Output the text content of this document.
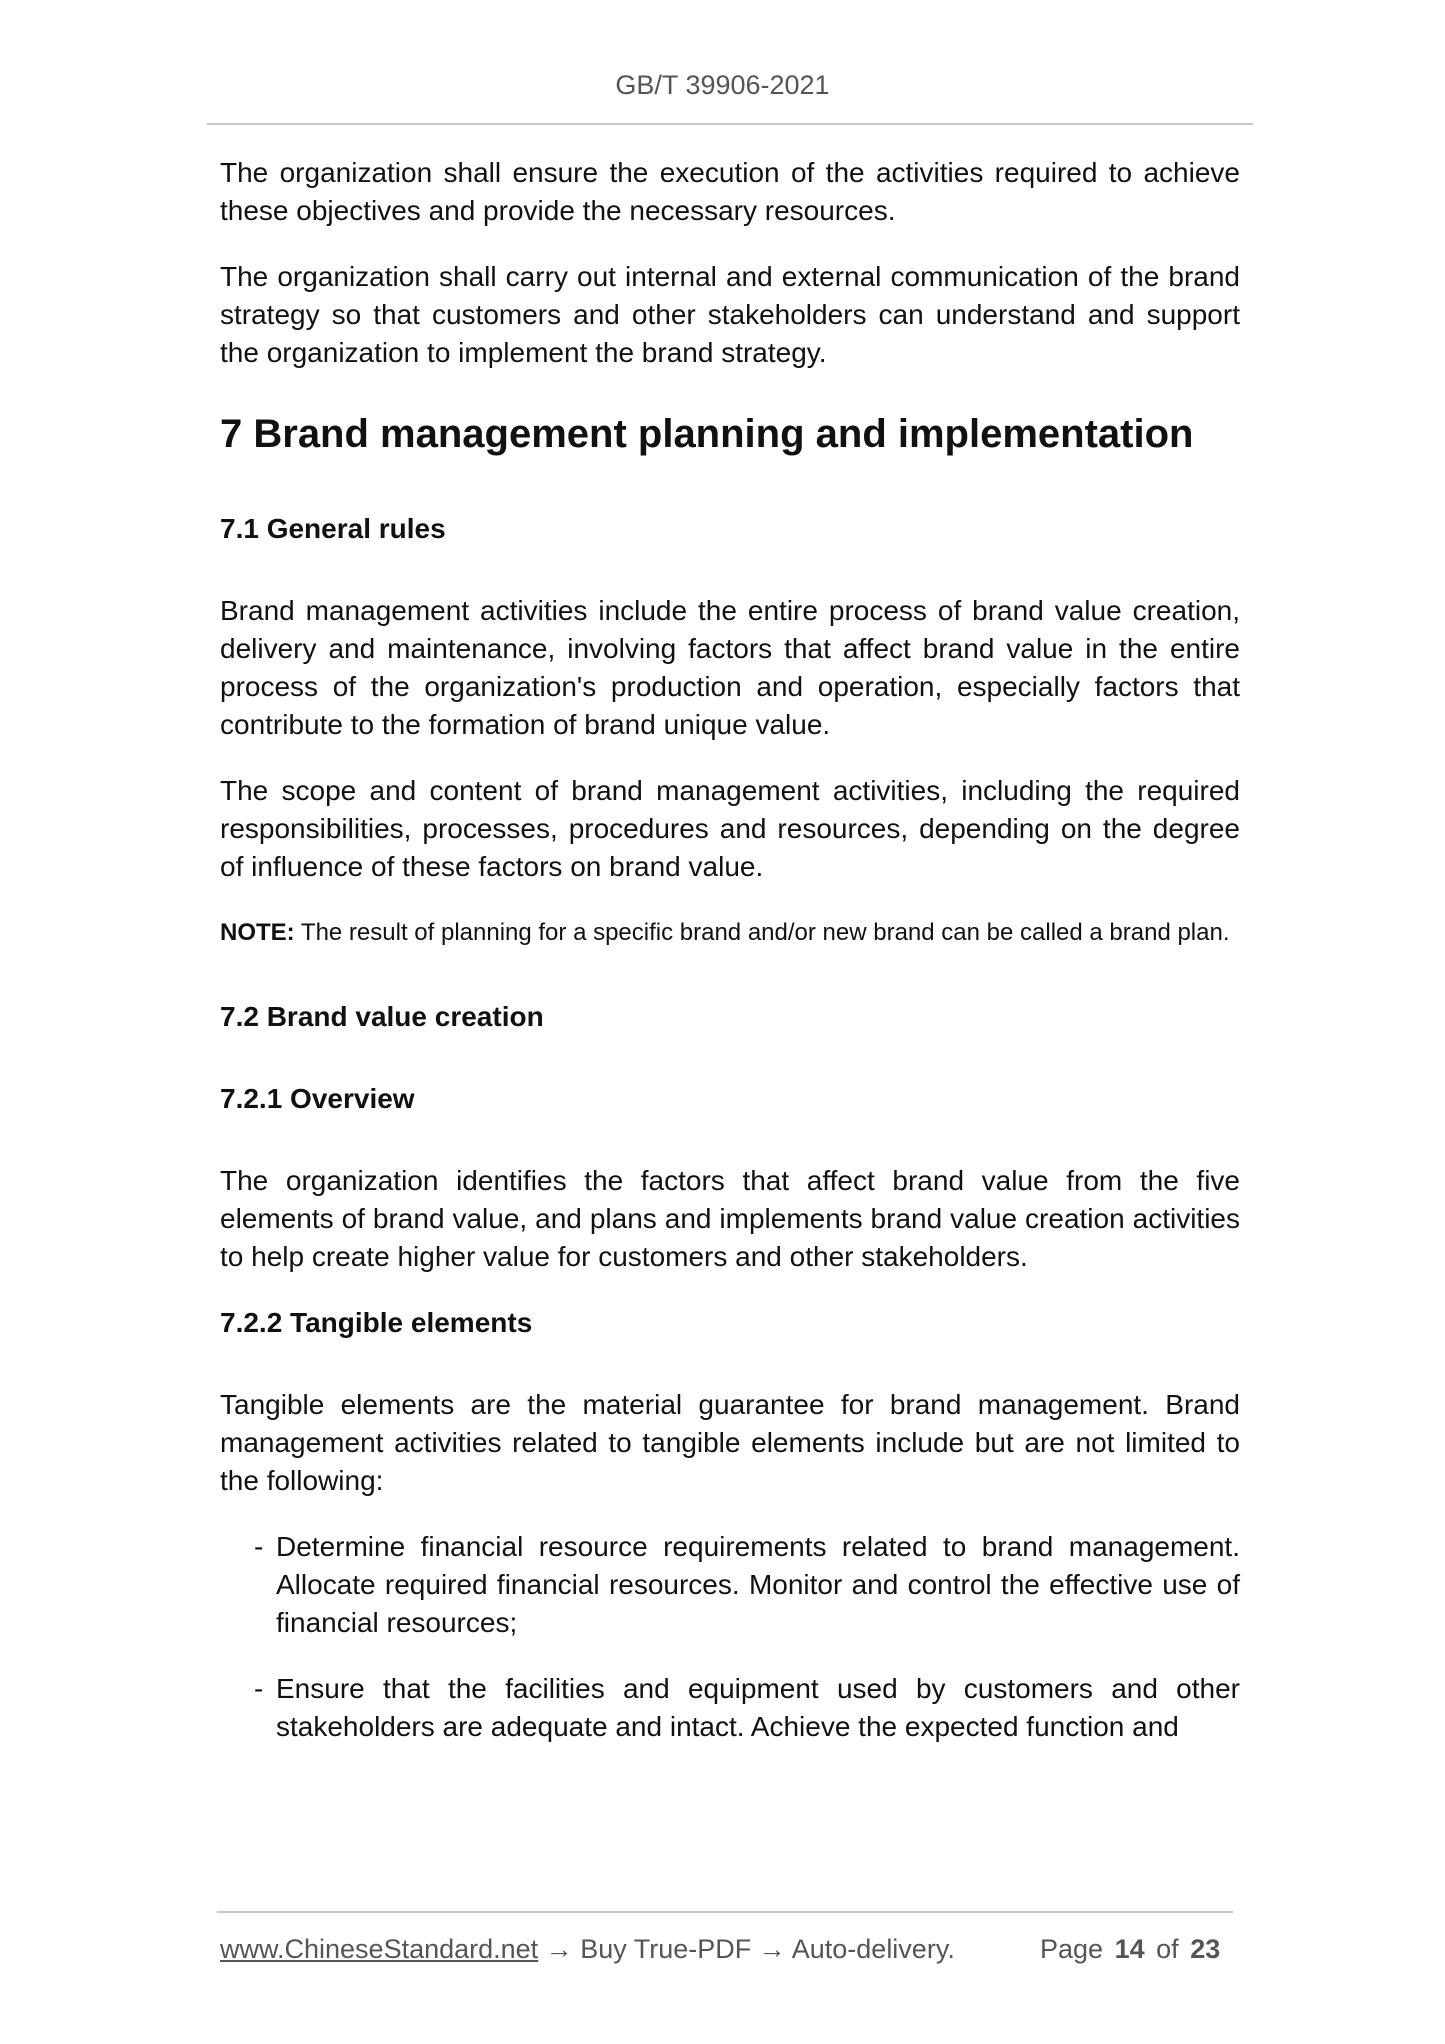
GB/T 39906-2021

The organization shall ensure the execution of the activities required to achieve these objectives and provide the necessary resources.

The organization shall carry out internal and external communication of the brand strategy so that customers and other stakeholders can understand and support the organization to implement the brand strategy.

7 Brand management planning and implementation
7.1 General rules

Brand management activities include the entire process of brand value creation, delivery and maintenance, involving factors that affect brand value in the entire process of the organization's production and operation, especially factors that contribute to the formation of brand unique value.

The scope and content of brand management activities, including the required responsibilities, processes, procedures and resources, depending on the degree of influence of these factors on brand value.

NOTE: The result of planning for a specific brand and/or new brand can be called a brand plan.

7.2 Brand value creation
7.2.1 Overview

The organization identifies the factors that affect brand value from the five elements of brand value, and plans and implements brand value creation activities to help create higher value for customers and other stakeholders.

7.2.2 Tangible elements

Tangible elements are the material guarantee for brand management. Brand management activities related to tangible elements include but are not limited to the following:

- Determine financial resource requirements related to brand management. Allocate required financial resources. Monitor and control the effective use of financial resources;
- Ensure that the facilities and equipment used by customers and other stakeholders are adequate and intact. Achieve the expected function and
www.ChineseStandard.net → Buy True-PDF → Auto-delivery.	Page 14 of 23
